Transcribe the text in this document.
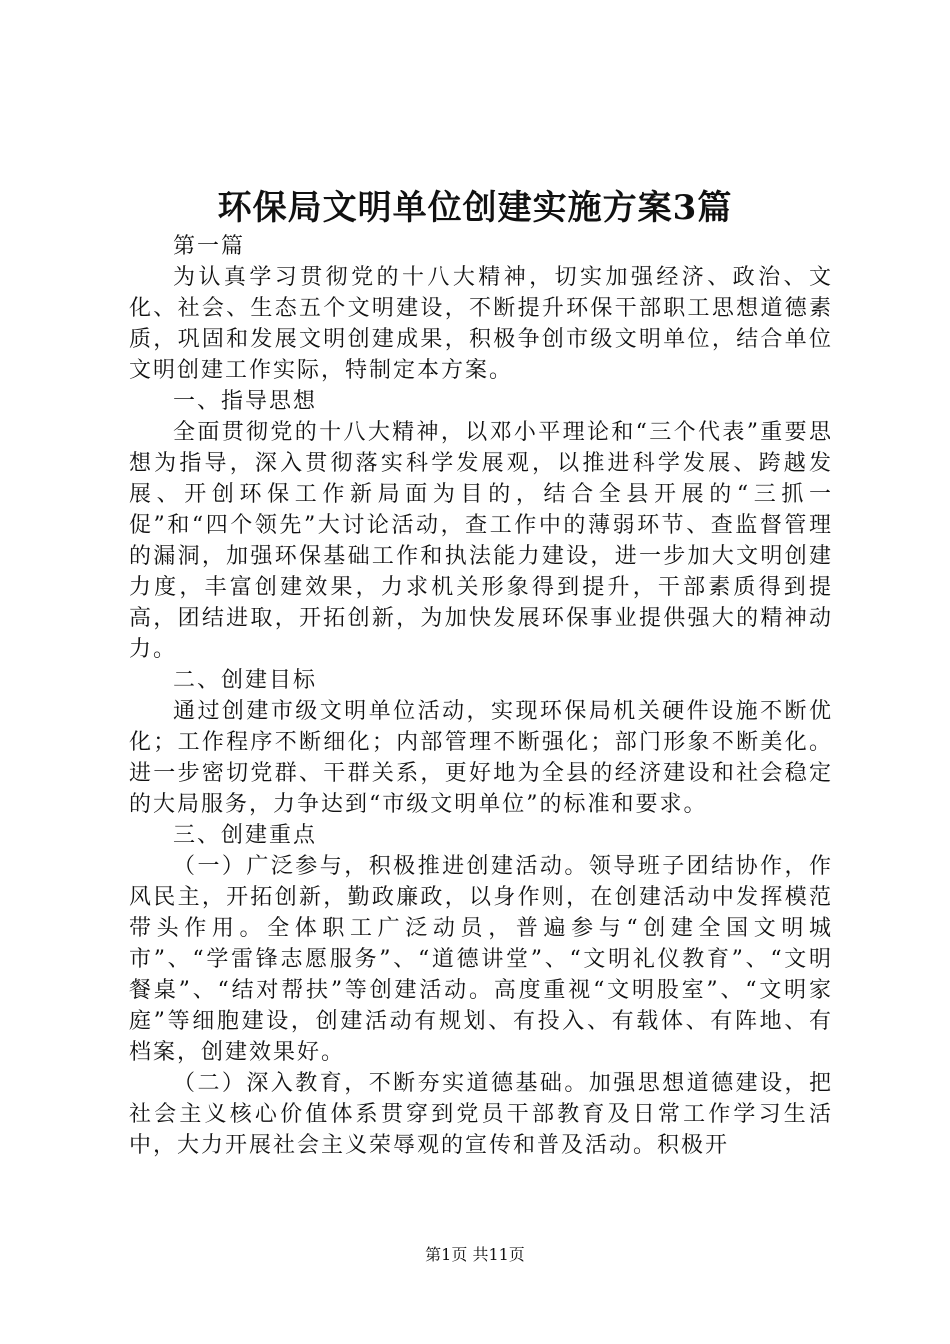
环保局文明单位创建实施方案3篇

第一篇

为认真学习贯彻党的十八大精神，切实加强经济、政治、文化、社会、生态五个文明建设，不断提升环保干部职工思想道德素质，巩固和发展文明创建成果，积极争创市级文明单位，结合单位文明创建工作实际，特制定本方案。

一、指导思想

全面贯彻党的十八大精神，以邓小平理论和“三个代表”重要思想为指导，深入贯彻落实科学发展观，以推进科学发展、跨越发展、开创环保工作新局面为目的，结合全县开展的“三抓一促”和“四个领先”大讨论活动，查工作中的薄弱环节、查监督管理的漏洞，加强环保基础工作和执法能力建设，进一步加大文明创建力度，丰富创建效果，力求机关形象得到提升，干部素质得到提高，团结进取，开拓创新，为加快发展环保事业提供强大的精神动力。

二、创建目标

通过创建市级文明单位活动，实现环保局机关硬件设施不断优化；工作程序不断细化；内部管理不断强化；部门形象不断美化。进一步密切党群、干群关系，更好地为全县的经济建设和社会稳定的大局服务，力争达到“市级文明单位”的标准和要求。

三、创建重点

（一）广泛参与，积极推进创建活动。领导班子团结协作，作风民主，开拓创新，勤政廉政，以身作则，在创建活动中发挥模范带头作用。全体职工广泛动员，普遍参与“创建全国文明城市”、“学雷锋志愿服务”、“道德讲堂”、“文明礼仪教育”、“文明餐桌”、“结对帮扶”等创建活动。高度重视“文明股室”、“文明家庭”等细胞建设，创建活动有规划、有投入、有载体、有阵地、有档案，创建效果好。

（二）深入教育，不断夯实道德基础。加强思想道德建设，把社会主义核心价值体系贯穿到党员干部教育及日常工作学习生活中，大力开展社会主义荣辱观的宣传和普及活动。积极开

第1页 共11页
